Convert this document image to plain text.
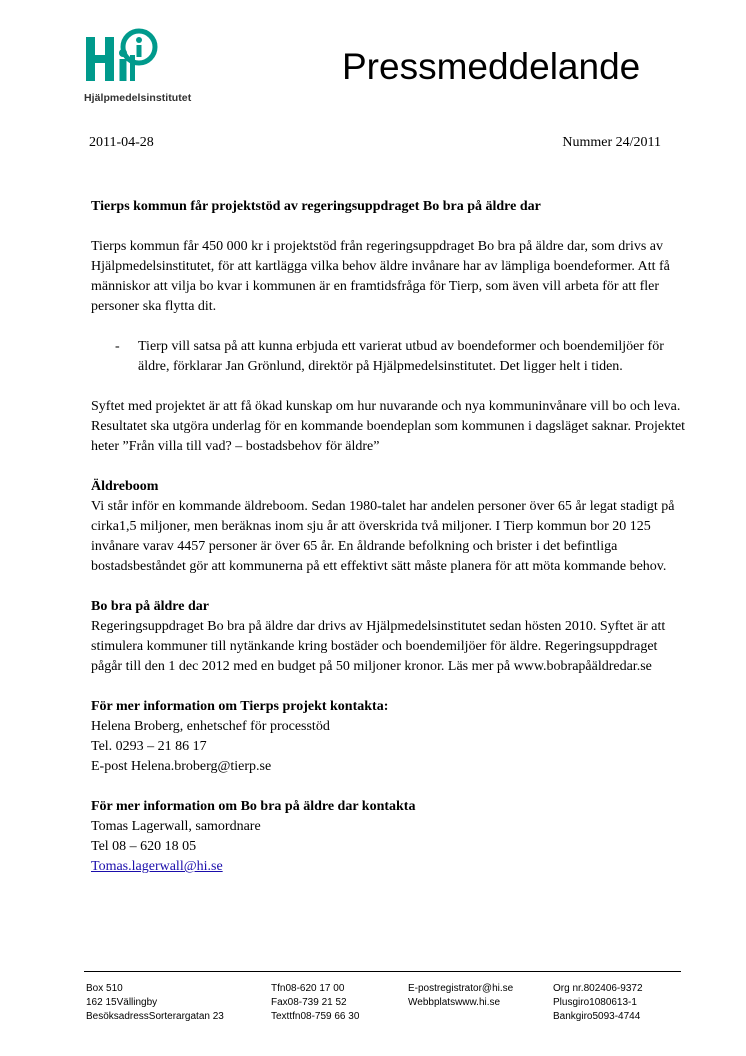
Hjälpmedelsinstitutet
Pressmeddelande
2011-04-28	Nummer 24/2011

Tierps kommun får projektstöd av regeringsuppdraget Bo bra på äldre dar

Tierps kommun får 450 000 kr i projektstöd från regeringsuppdraget Bo bra på äldre dar, som drivs av Hjälpmedelsinstitutet, för att kartlägga vilka behov äldre invånare har av lämpliga boendeformer. Att få människor att vilja bo kvar i kommunen är en framtidsfråga för Tierp, som även vill arbeta för att fler personer ska flytta dit.

- Tierp vill satsa på att kunna erbjuda ett varierat utbud av boendeformer och boendemiljöer för äldre, förklarar Jan Grönlund, direktör på Hjälpmedelsinstitutet. Det ligger helt i tiden.

Syftet med projektet är att få ökad kunskap om hur nuvarande och nya kommuninvånare vill bo och leva. Resultatet ska utgöra underlag för en kommande boendeplan som kommunen i dagsläget saknar. Projektet heter ”Från villa till vad? – bostadsbehov för äldre”

Äldreboom

Vi står inför en kommande äldreboom. Sedan 1980-talet har andelen personer över 65 år legat stadigt på cirka1,5 miljoner, men beräknas inom sju år att överskrida två miljoner. I Tierp kommun bor 20 125 invånare varav 4457 personer är över 65 år. En åldrande befolkning och brister i det befintliga bostadsbeståndet gör att kommunerna på ett effektivt sätt måste planera för att möta kommande behov.

Bo bra på äldre dar

Regeringsuppdraget Bo bra på äldre dar drivs av Hjälpmedelsinstitutet sedan hösten 2010. Syftet är att stimulera kommuner till nytänkande kring bostäder och boendemiljöer för äldre. Regeringsuppdraget pågår till den 1 dec 2012 med en budget på 50 miljoner kronor. Läs mer på www.bobrapåäldredar.se

För mer information om Tierps projekt kontakta:

Helena Broberg, enhetschef för processtöd
Tel. 0293 – 21 86 17
E-post Helena.broberg@tierp.se

För mer information om Bo bra på äldre dar kontakta

Tomas Lagerwall, samordnare
Tel 08 – 620 18 05
Tomas.lagerwall@hi.se
Box 510
162 15Vällingby
BesöksadressSorterargatan 23
Tfn08-620 17 00
Fax08-739 21 52
Texttfn08-759 66 30
E-postregistrator@hi.se
Webbplatswww.hi.se
Org nr.802406-9372
Plusgiro1080613-1
Bankgiro5093-4744
